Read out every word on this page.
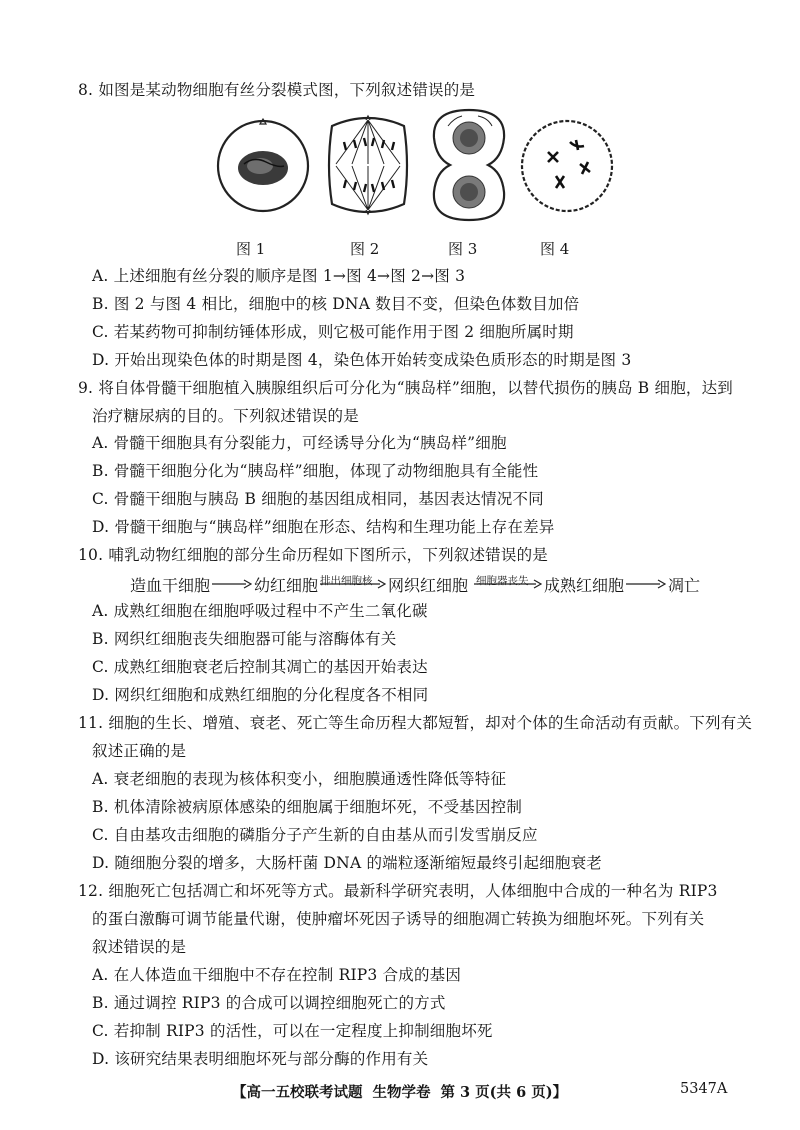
8. 如图是某动物细胞有丝分裂模式图，下列叙述错误的是
图 1	图 2	图 3	图 4
A. 上述细胞有丝分裂的顺序是图 1→图 4→图 2→图 3
B. 图 2 与图 4 相比，细胞中的核 DNA 数目不变，但染色体数目加倍
C. 若某药物可抑制纺锤体形成，则它极可能作用于图 2 细胞所属时期
D. 开始出现染色体的时期是图 4，染色体开始转变成染色质形态的时期是图 3
9. 将自体骨髓干细胞植入胰腺组织后可分化为“胰岛样”细胞，以替代损伤的胰岛 B 细胞，达到
治疗糖尿病的目的。下列叙述错误的是
A. 骨髓干细胞具有分裂能力，可经诱导分化为“胰岛样”细胞
B. 骨髓干细胞分化为“胰岛样”细胞，体现了动物细胞具有全能性
C. 骨髓干细胞与胰岛 B 细胞的基因组成相同，基因表达情况不同
D. 骨髓干细胞与“胰岛样”细胞在形态、结构和生理功能上存在差异
10. 哺乳动物红细胞的部分生命历程如下图所示，下列叙述错误的是
造血干细胞	幼红细胞 排出细胞核 网织红细胞 细胞器丧失 成熟红细胞	凋亡
A. 成熟红细胞在细胞呼吸过程中不产生二氧化碳
B. 网织红细胞丧失细胞器可能与溶酶体有关
C. 成熟红细胞衰老后控制其凋亡的基因开始表达
D. 网织红细胞和成熟红细胞的分化程度各不相同
11. 细胞的生长、增殖、衰老、死亡等生命历程大都短暂，却对个体的生命活动有贡献。下列有关
叙述正确的是
A. 衰老细胞的表现为核体积变小，细胞膜通透性降低等特征
B. 机体清除被病原体感染的细胞属于细胞坏死，不受基因控制
C. 自由基攻击细胞的磷脂分子产生新的自由基从而引发雪崩反应
D. 随细胞分裂的增多，大肠杆菌 DNA 的端粒逐渐缩短最终引起细胞衰老
12. 细胞死亡包括凋亡和坏死等方式。最新科学研究表明，人体细胞中合成的一种名为 RIP3
的蛋白激酶可调节能量代谢，使肿瘤坏死因子诱导的细胞凋亡转换为细胞坏死。下列有关
叙述错误的是
A. 在人体造血干细胞中不存在控制 RIP3 合成的基因
B. 通过调控 RIP3 的合成可以调控细胞死亡的方式
C. 若抑制 RIP3 的活性，可以在一定程度上抑制细胞坏死
D. 该研究结果表明细胞坏死与部分酶的作用有关
【高一五校联考试题 生物学卷 第 3 页(共 6 页)】	5347A
